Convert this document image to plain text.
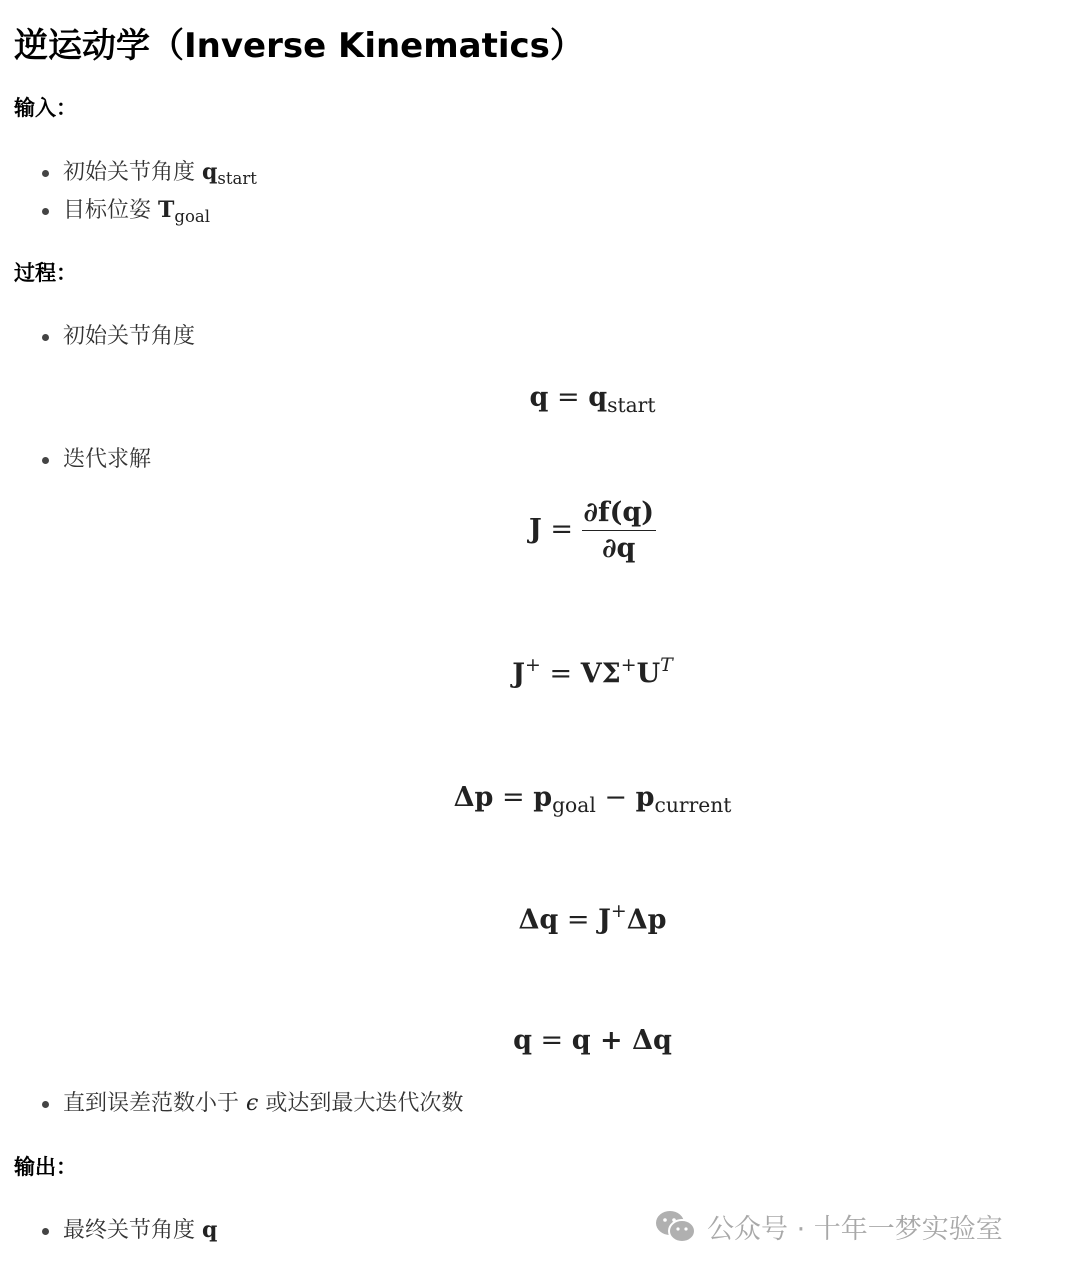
逆运动学（Inverse Kinematics）
输入：
初始关节角度 $q_{start}$
目标位姿 $T_{goal}$
过程：
初始关节角度
$q = q_{start}$
迭代求解
$J = \frac{\partial f(q)}{\partial q}$
$J^+ = V\Sigma^+U^T$
$\Delta p = p_{goal} - p_{current}$
Δq = J+Δp
q = q + Δq
直到误差范数小于 ϵ 或达到最大迭代次数
输出：
最终关节角度 q	公众号 · 十年一梦实验室
